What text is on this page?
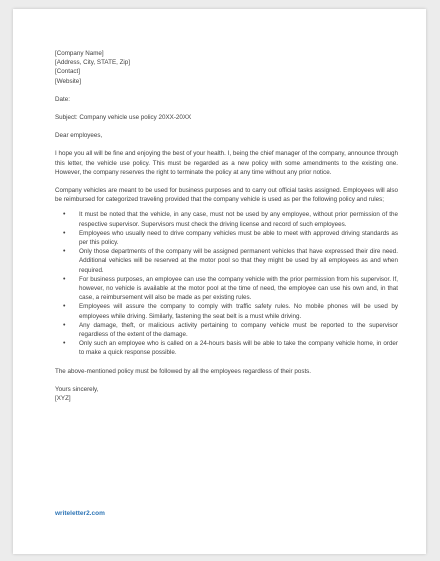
[Company Name]
[Address, City, STATE, Zip]
[Contact]
[Website]
Date:
Subject: Company vehicle use policy 20XX-20XX
Dear employees,

I hope you all will be fine and enjoying the best of your health. I, being the chief manager of the company, announce through this letter, the vehicle use policy. This must be regarded as a new policy with some amendments to the existing one. However, the company reserves the right to terminate the policy at any time without any prior notice.

Company vehicles are meant to be used for business purposes and to carry out official tasks assigned. Employees will also be reimbursed for categorized traveling provided that the company vehicle is used as per the following policy and rules;

• It must be noted that the vehicle, in any case, must not be used by any employee, without prior permission of the respective supervisor. Supervisors must check the driving license and record of such employees.
• Employees who usually need to drive company vehicles must be able to meet with approved driving standards as per this policy.
• Only those departments of the company will be assigned permanent vehicles that have expressed their dire need. Additional vehicles will be reserved at the motor pool so that they might be used by all employees as and when required.
• For business purposes, an employee can use the company vehicle with the prior permission from his supervisor. If, however, no vehicle is available at the motor pool at the time of need, the employee can use his own and, in that case, a reimbursement will also be made as per existing rules.
• Employees will assure the company to comply with traffic safety rules. No mobile phones will be used by employees while driving. Similarly, fastening the seat belt is a must while driving.
• Any damage, theft, or malicious activity pertaining to company vehicle must be reported to the supervisor regardless of the extent of the damage.
• Only such an employee who is called on a 24-hours basis will be able to take the company vehicle home, in order to make a quick response possible.

The above-mentioned policy must be followed by all the employees regardless of their posts.

Yours sincerely,
[XYZ]
writeletter2.com
